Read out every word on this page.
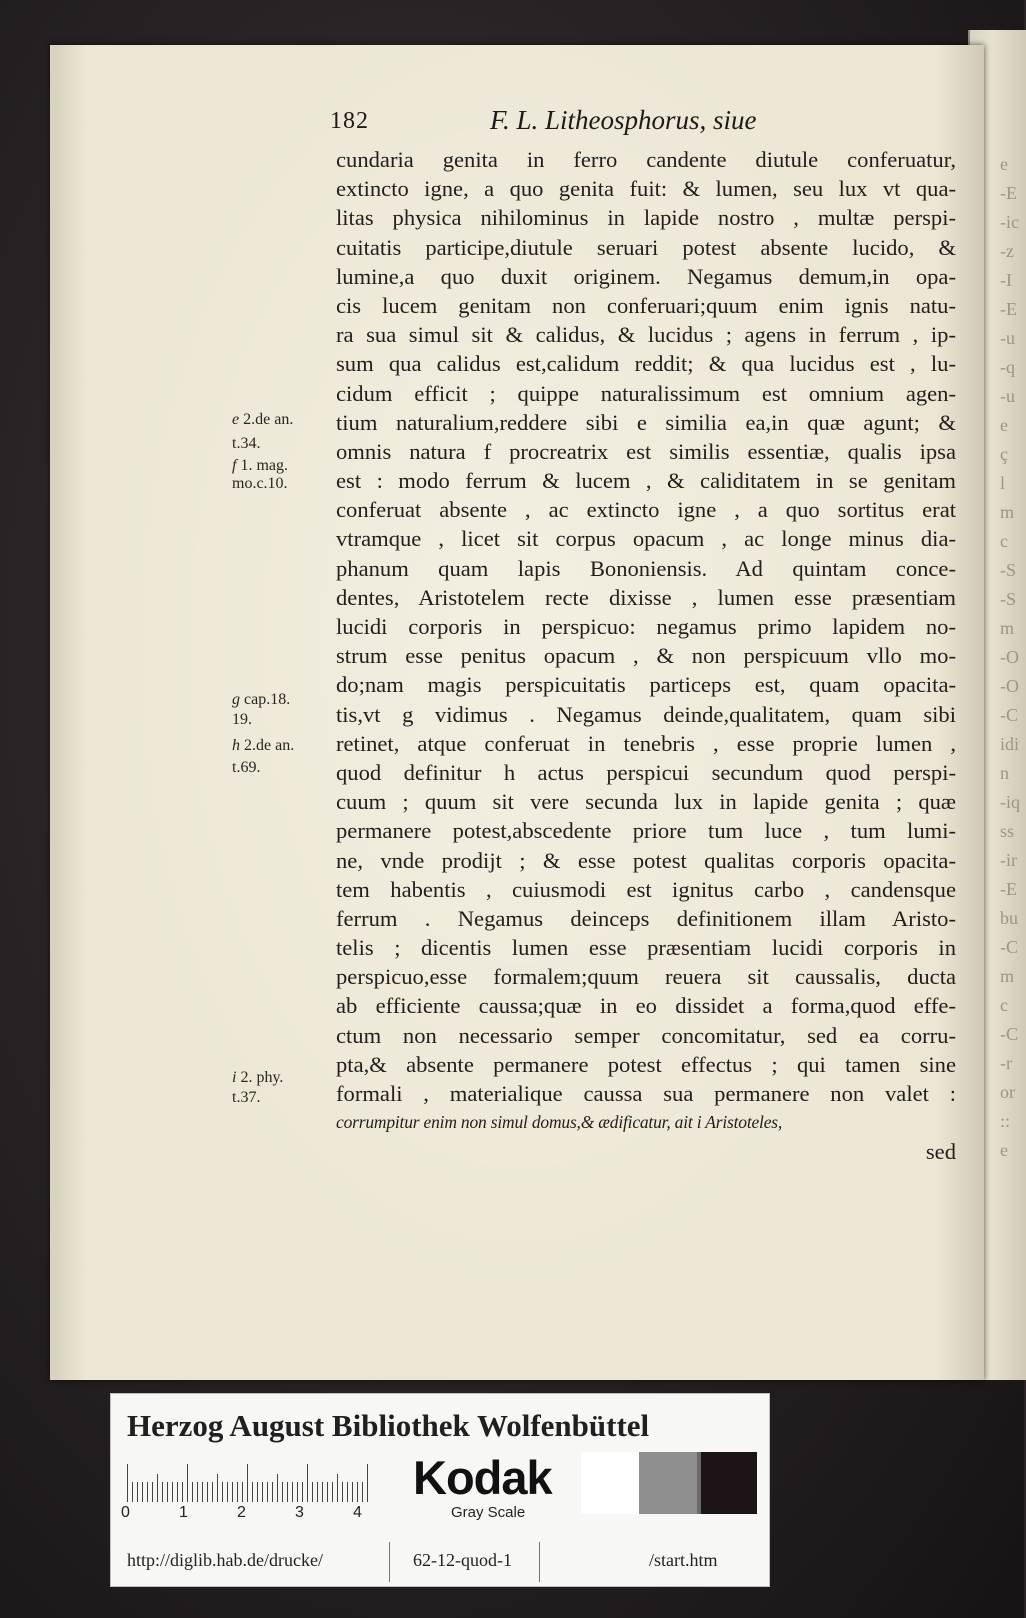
e
-E
-ic
-z
-I
-E
-u
-q
-u
e
ç
l
m
c
-S
-S
m
-O
-O
-C
idi
n
-iq
ss
-ir
-E
bu
-C
m
c
-C
-r
or
::
e
182	F. L. Litheosphorus, siue
cundaria genita in ferro candente diutule conferuatur,
extincto igne, a quo genita fuit: & lumen, seu lux vt qua-
litas physica nihilominus in lapide nostro , multæ perspi-
cuitatis participe,diutule seruari potest absente lucido, &
lumine,a quo duxit originem. Negamus demum,in opa-
cis lucem genitam non conferuari;quum enim ignis natu-
ra sua simul sit & calidus, & lucidus ; agens in ferrum , ip-
sum qua calidus est,calidum reddit; & qua lucidus est , lu-
cidum efficit ; quippe naturalissimum est omnium agen-
tium naturalium,reddere sibi e similia ea,in quæ agunt; &
omnis natura f procreatrix est similis essentiæ, qualis ipsa
est : modo ferrum & lucem , & caliditatem in se genitam
conferuat absente , ac extincto igne , a quo sortitus erat
vtramque , licet sit corpus opacum , ac longe minus dia-
phanum quam lapis Bononiensis. Ad quintam conce-
dentes, Aristotelem recte dixisse , lumen esse præsentiam
lucidi corporis in perspicuo: negamus primo lapidem no-
strum esse penitus opacum , & non perspicuum vllo mo-
do;nam magis perspicuitatis particeps est, quam opacita-
tis,vt g vidimus . Negamus deinde,qualitatem, quam sibi
retinet, atque conferuat in tenebris , esse proprie lumen ,
quod definitur h actus perspicui secundum quod perspi-
cuum ; quum sit vere secunda lux in lapide genita ; quæ
permanere potest,abscedente priore tum luce , tum lumi-
ne, vnde prodijt ; & esse potest qualitas corporis opacita-
tem habentis , cuiusmodi est ignitus carbo , candensque
ferrum . Negamus deinceps definitionem illam Aristo-
telis ; dicentis lumen esse præsentiam lucidi corporis in
perspicuo,esse formalem;quum reuera sit caussalis, ducta
ab efficiente caussa;quæ in eo dissidet a forma,quod effe-
ctum non necessario semper concomitatur, sed ea corru-
pta,& absente permanere potest effectus ; qui tamen sine
formali , materialique caussa sua permanere non valet :
corrumpitur enim non simul domus,& ædificatur, ait i Aristoteles,
sed
e 2.de an.
t.34.
f 1. mag.
mo.c.10.
g cap.18.
19.
h 2.de an.
t.69.
i 2. phy.
t.37.
Herzog August Bibliothek Wolfenbüttel
0	1	2	3	4
Kodak
Gray Scale
http://diglib.hab.de/drucke/	62-12-quod-1	/start.htm
